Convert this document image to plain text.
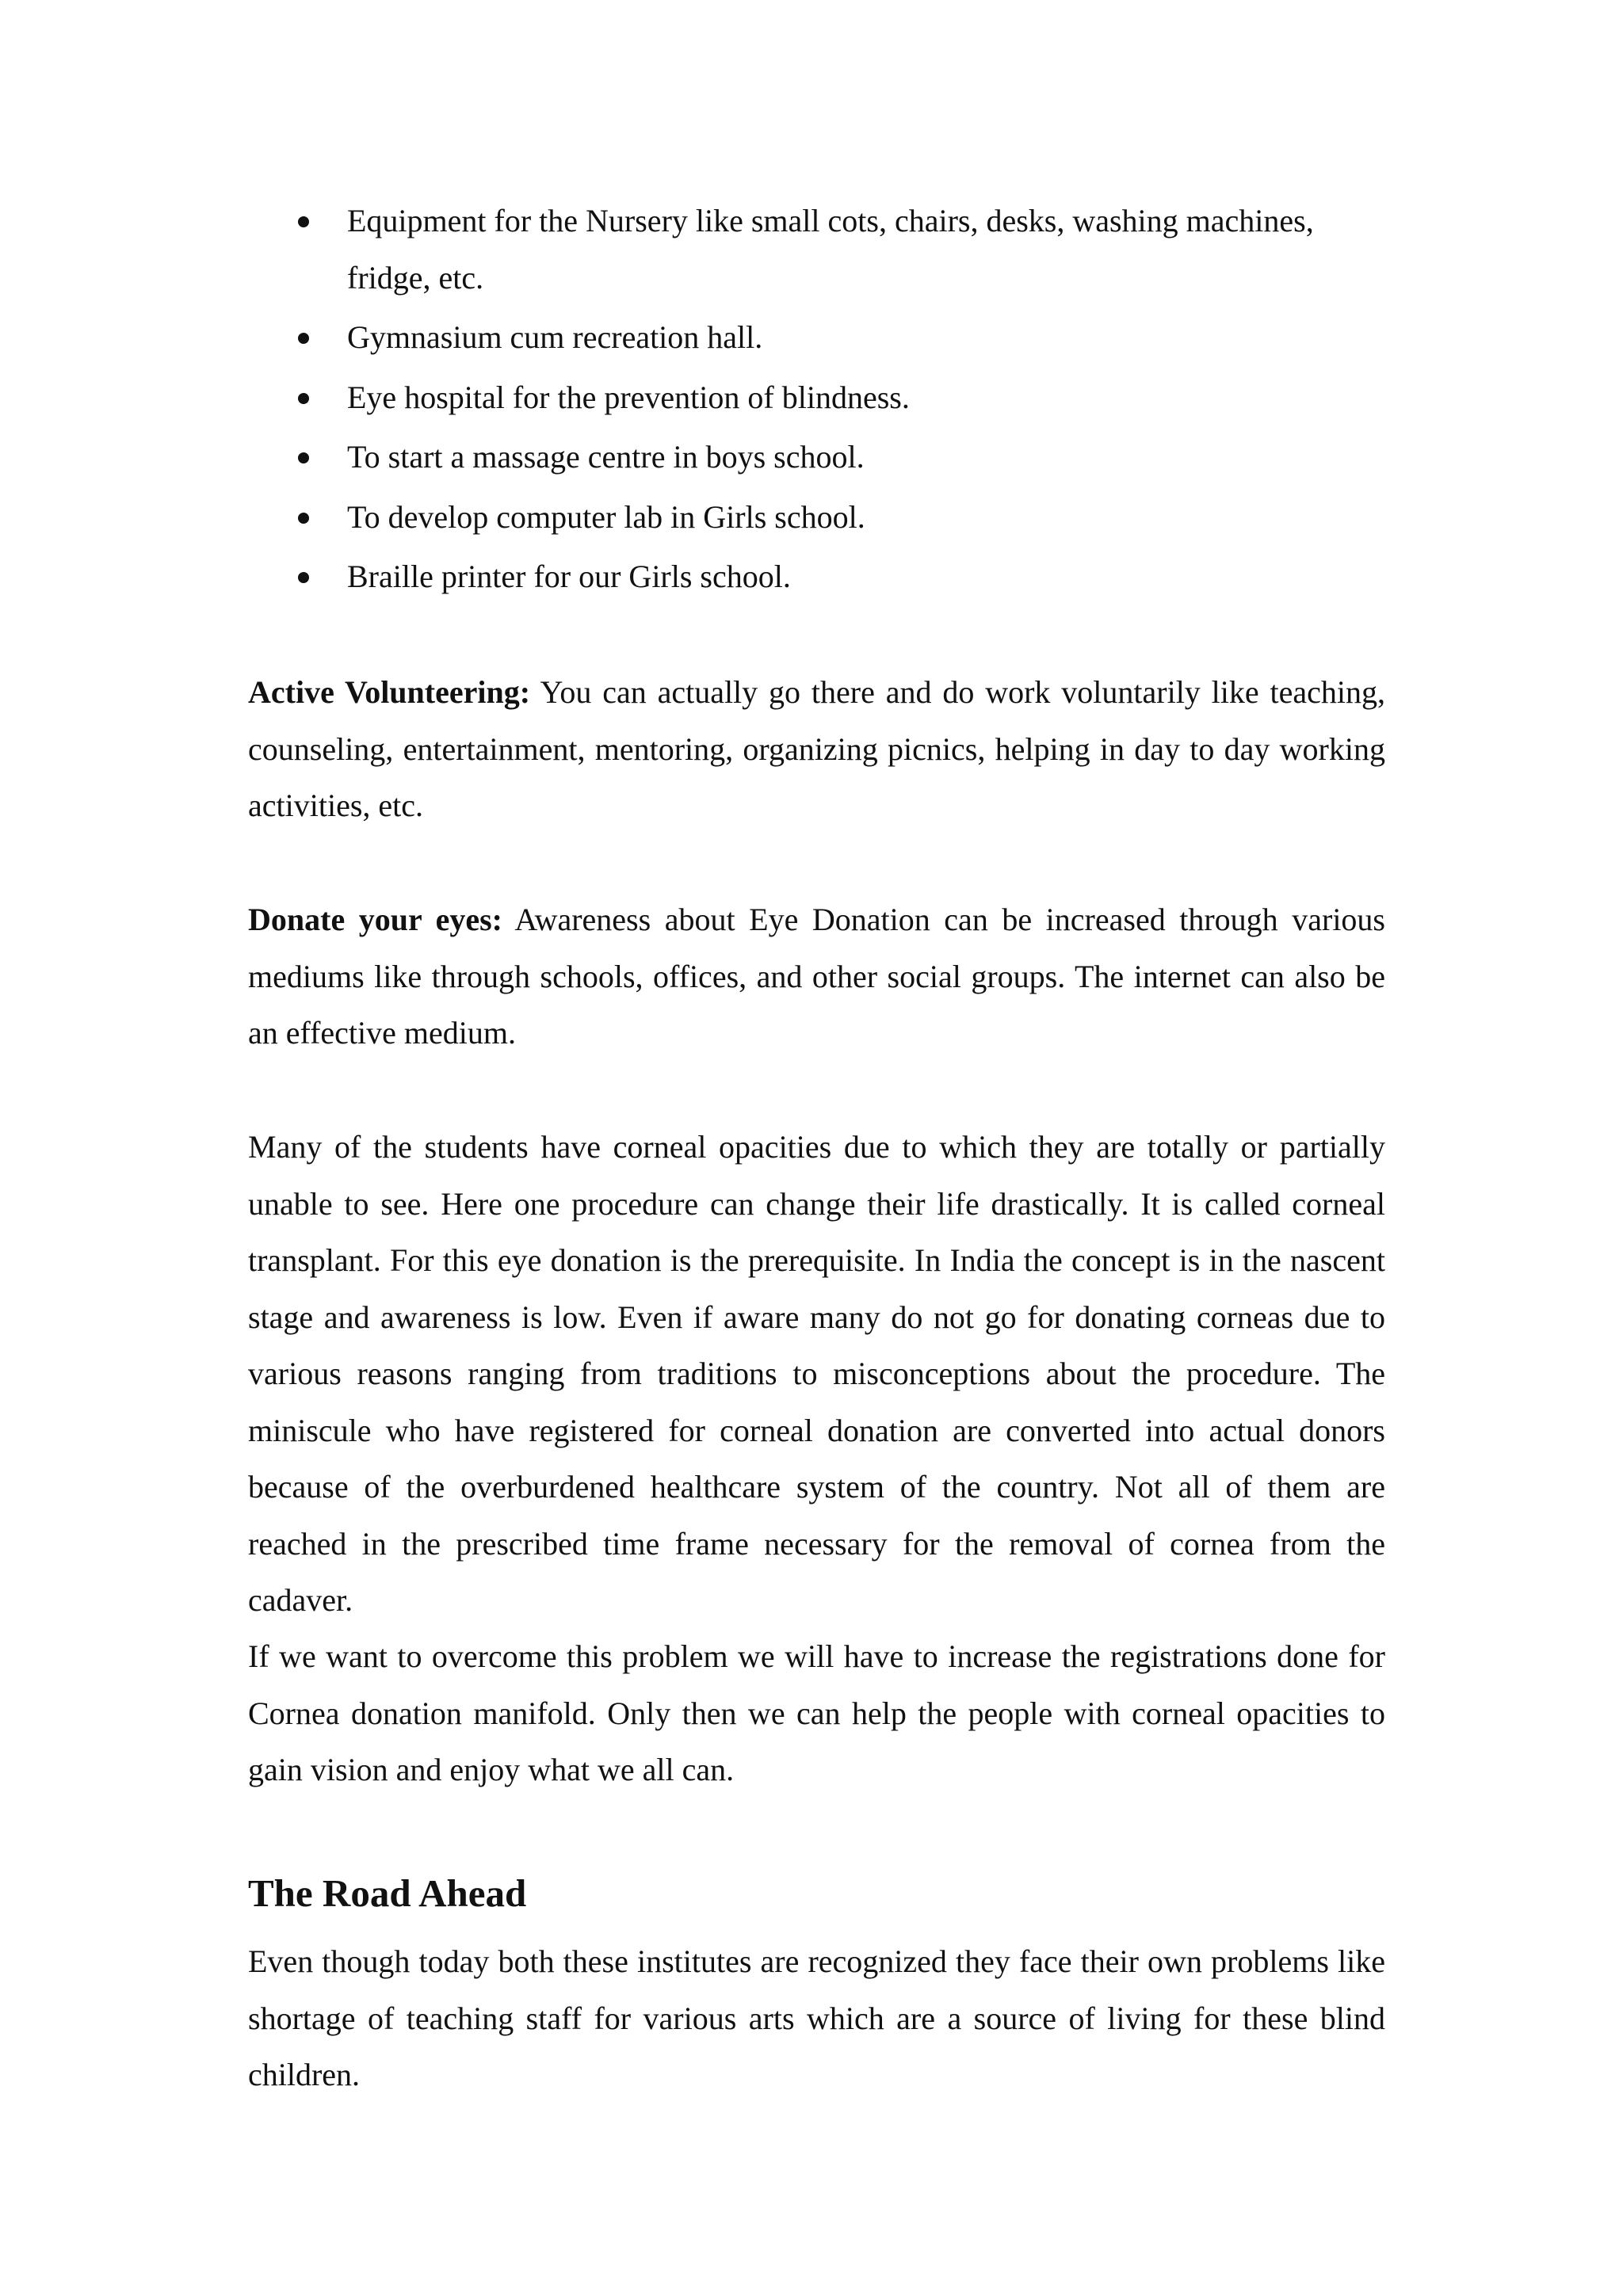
Equipment for the Nursery like small cots, chairs, desks, washing machines, fridge, etc.
Gymnasium cum recreation hall.
Eye hospital for the prevention of blindness.
To start a massage centre in boys school.
To develop computer lab in Girls school.
Braille printer for our Girls school.

Active Volunteering: You can actually go there and do work voluntarily like teaching, counseling, entertainment, mentoring, organizing picnics, helping in day to day working activities, etc.

Donate your eyes: Awareness about Eye Donation can be increased through various mediums like through schools, offices, and other social groups. The internet can also be an effective medium.

Many of the students have corneal opacities due to which they are totally or partially unable to see. Here one procedure can change their life drastically. It is called corneal transplant. For this eye donation is the prerequisite. In India the concept is in the nascent stage and awareness is low. Even if aware many do not go for donating corneas due to various reasons ranging from traditions to misconceptions about the procedure. The miniscule who have registered for corneal donation are converted into actual donors because of the overburdened healthcare system of the country. Not all of them are reached in the prescribed time frame necessary for the removal of cornea from the cadaver.

If we want to overcome this problem we will have to increase the registrations done for Cornea donation manifold. Only then we can help the people with corneal opacities to gain vision and enjoy what we all can.

The Road Ahead

Even though today both these institutes are recognized they face their own problems like shortage of teaching staff for various arts which are a source of living for these blind children.
